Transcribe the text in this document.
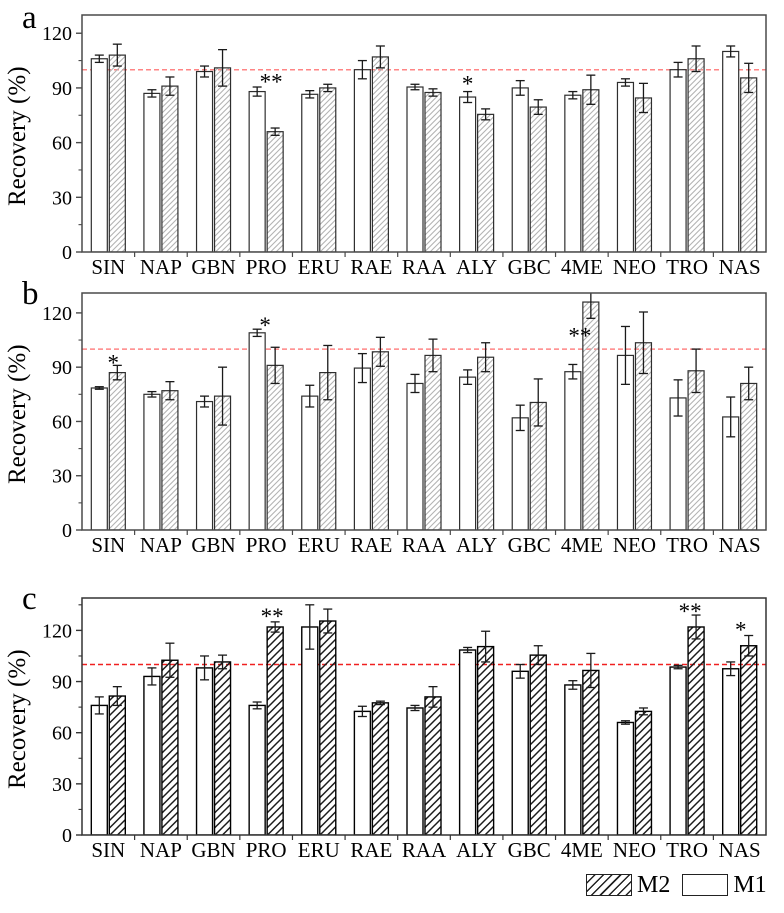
a
b
c
Recovery (%)
Recovery (%)
Recovery (%)
0
30
60
90
120
SIN NAP GBN PRO ERU RAE RAA ALY GBC 4ME NEO TRO NAS
**	*
0
30
60
90
120
SIN NAP GBN PRO ERU RAE RAA ALY GBC 4ME NEO TRO NAS
*
*	**
0
30
60
90
120
SIN NAP GBN PRO ERU RAE RAA ALY GBC 4ME NEO TRO NAS
**	**
*
M2	M1
